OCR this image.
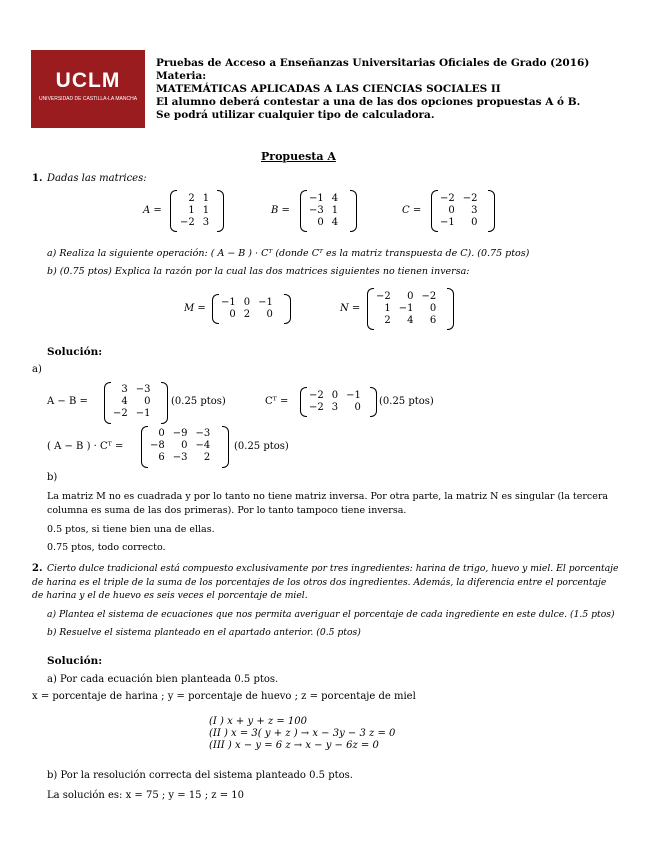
UCLM
UNIVERSIDAD DE CASTILLA-LA MANCHA
Pruebas de Acceso a Enseñanzas Universitarias Oficiales de Grado (2016)
Materia:
MATEMÁTICAS APLICADAS A LAS CIENCIAS SOCIALES II
El alumno deberá contestar a una de las dos opciones propuestas A ó B.
Se podrá utilizar cualquier tipo de calculadora.
Propuesta A
1. Dadas las matrices:
A =
2	1
1	1
−2	3
B =
−1	4
−3	1
0	4
C =
−2	−2
0	3
−1	0
a) Realiza la siguiente operación: ( A − B ) · Cᵀ (donde Cᵀ es la matriz transpuesta de C). (0.75 ptos)
b) (0.75 ptos) Explica la razón por la cual las dos matrices siguientes no tienen inversa:
M =
−1	0	−1
0	2	0
N =
−2	0	−2
1	−1	0
2	4	6
Solución:
a)
A − B =
3	−3
4	0
−2	−1
(0.25 ptos)	Cᵀ =
−2	0	−1
−2	3	0
(0.25 ptos)
( A − B ) · Cᵀ =
0	−9	−3
−8	0	−4
6	−3	2
(0.25 ptos)
b)
La matriz M no es cuadrada y por lo tanto no tiene matriz inversa. Por otra parte, la matriz N es singular (la tercera
columna es suma de las dos primeras). Por lo tanto tampoco tiene inversa.
0.5 ptos, si tiene bien una de ellas.
0.75 ptos, todo correcto.
2. Cierto dulce tradicional está compuesto exclusivamente por tres ingredientes: harina de trigo, huevo y miel. El porcentaje
de harina es el triple de la suma de los porcentajes de los otros dos ingredientes. Además, la diferencia entre el porcentaje
de harina y el de huevo es seis veces el porcentaje de miel.
a) Plantea el sistema de ecuaciones que nos permita averiguar el porcentaje de cada ingrediente en este dulce. (1.5 ptos)
b) Resuelve el sistema planteado en el apartado anterior. (0.5 ptos)
Solución:
a) Por cada ecuación bien planteada 0.5 ptos.
x = porcentaje de harina ; y = porcentaje de huevo ; z = porcentaje de miel
(I ) x + y + z = 100
(II ) x = 3( y + z ) → x − 3y − 3 z = 0
(III ) x − y = 6 z → x − y − 6z = 0
b) Por la resolución correcta del sistema planteado 0.5 ptos.
La solución es: x = 75 ; y = 15 ; z = 10
